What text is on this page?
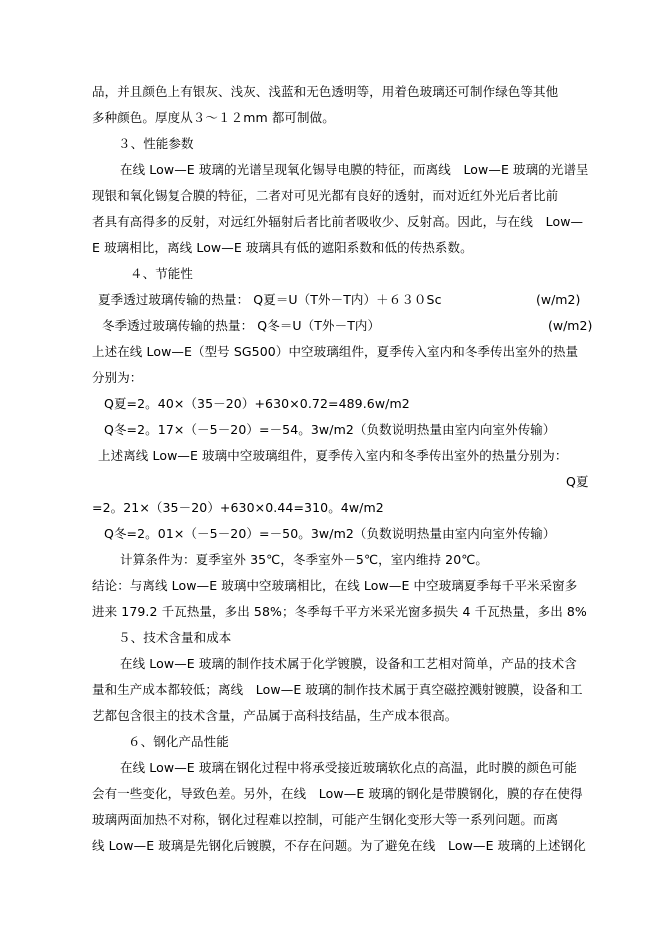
品，并且颜色上有银灰、浅灰、浅蓝和无色透明等，用着色玻璃还可制作绿色等其他

多种颜色。厚度从３～１２mm 都可制做。

３、性能参数

在线 Low—E 玻璃的光谱呈现氧化锡导电膜的特征，而离线　Low—E 玻璃的光谱呈

现银和氧化锡复合膜的特征，二者对可见光都有良好的透射，而对近红外光后者比前

者具有高得多的反射，对远红外辐射后者比前者吸收少、反射高。因此，与在线　Low—

E 玻璃相比，离线 Low—E 玻璃具有低的遮阳系数和低的传热系数。

４、节能性

夏季透过玻璃传输的热量： Q夏＝U（T外－T内）＋６３０Sc	(w/m2)

冬季透过玻璃传输的热量： Q冬＝U（T外－T内）	(w/m2)

上述在线 Low—E（型号 SG500）中空玻璃组件，夏季传入室内和冬季传出室外的热量

分别为：

Q夏=2。40×（35－20）+630×0.72=489.6w/m2

Q冬=2。17×（－5－20）=－54。3w/m2（负数说明热量由室内向室外传输）

上述离线 Low—E 玻璃中空玻璃组件，夏季传入室内和冬季传出室外的热量分别为：

Q夏

=2。21×（35－20）+630×0.44=310。4w/m2

Q冬=2。01×（－5－20）=－50。3w/m2（负数说明热量由室内向室外传输）

计算条件为：夏季室外 35℃，冬季室外－5℃，室内维持 20℃。

结论：与离线 Low—E 玻璃中空玻璃相比，在线 Low—E 中空玻璃夏季每千平米采窗多

进来 179.2 千瓦热量，多出 58%；冬季每千平方米采光窗多损失 4 千瓦热量，多出 8%

５、技术含量和成本

在线 Low—E 玻璃的制作技术属于化学镀膜，设备和工艺相对简单，产品的技术含

量和生产成本都较低；离线　Low—E 玻璃的制作技术属于真空磁控溅射镀膜，设备和工

艺都包含很主的技术含量，产品属于高科技结晶，生产成本很高。

６、钢化产品性能

在线 Low—E 玻璃在钢化过程中将承受接近玻璃软化点的高温，此时膜的颜色可能

会有一些变化，导致色差。另外，在线　Low—E 玻璃的钢化是带膜钢化，膜的存在使得

玻璃两面加热不对称，钢化过程难以控制，可能产生钢化变形大等一系列问题。而离

线 Low—E 玻璃是先钢化后镀膜，不存在问题。为了避免在线　Low—E 玻璃的上述钢化
